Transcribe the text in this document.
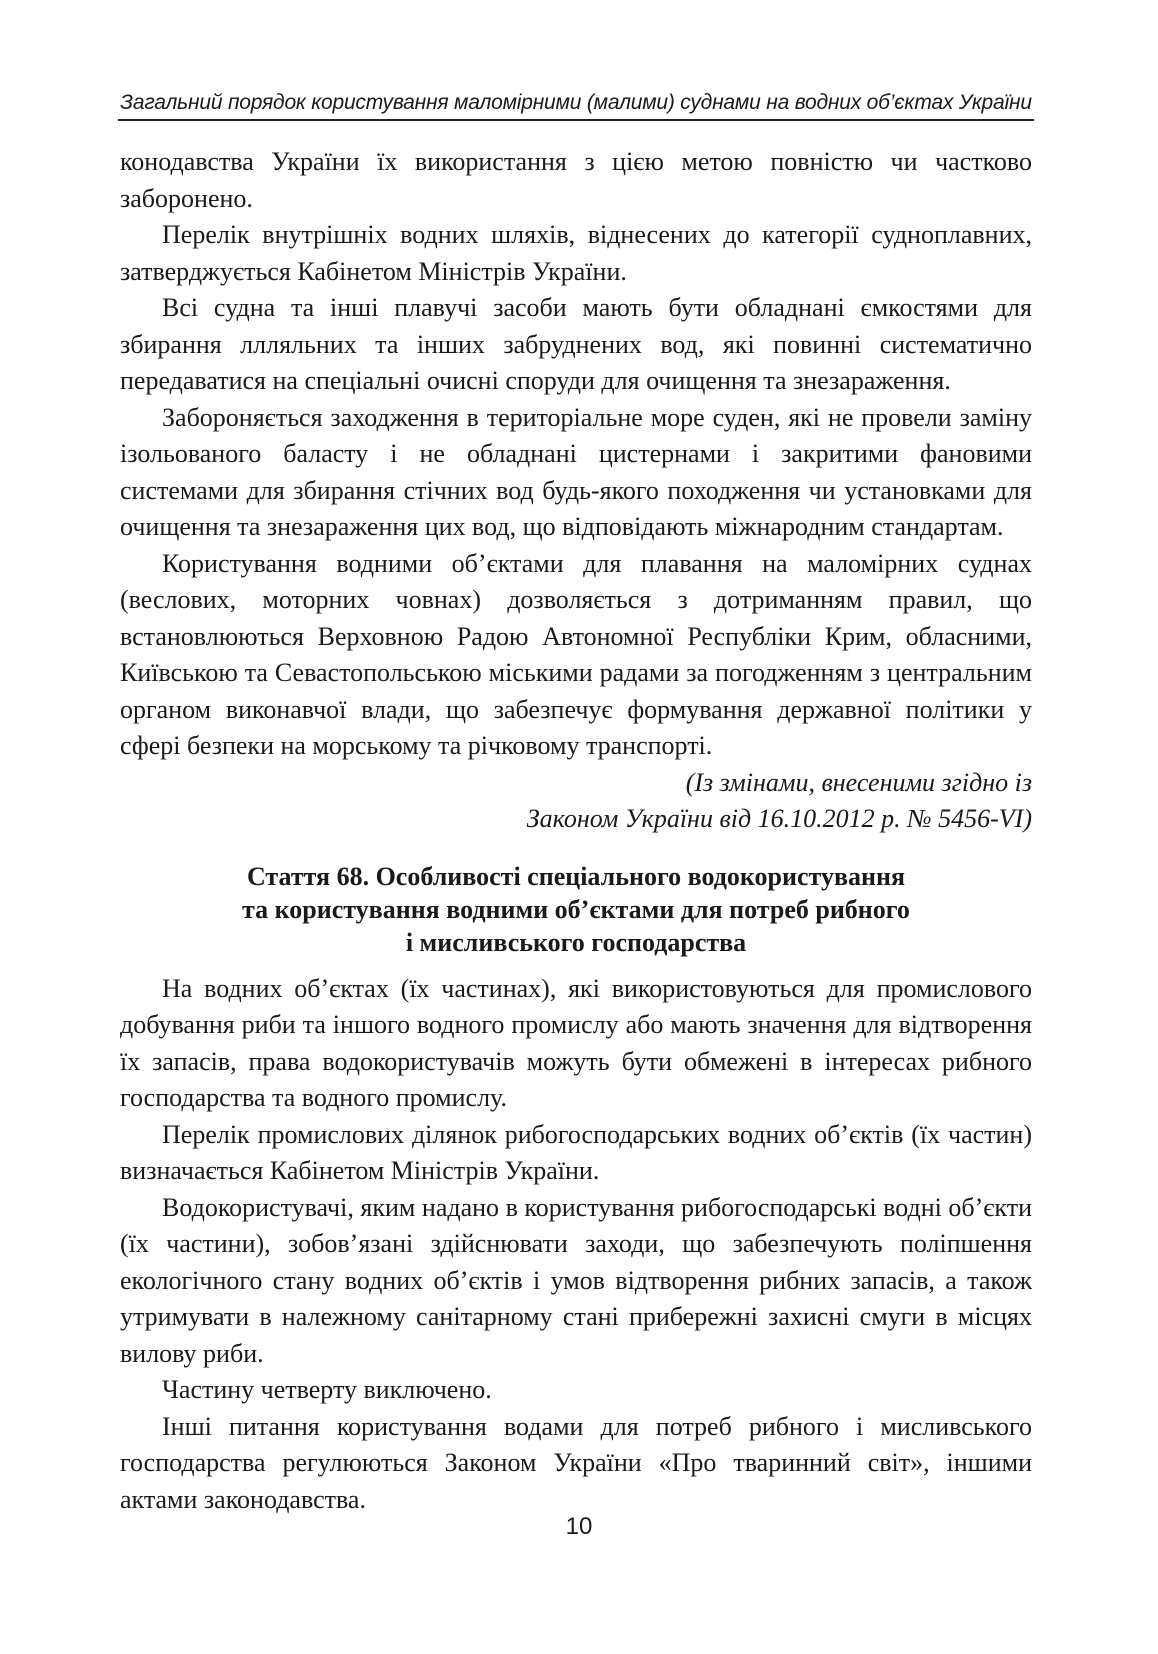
Загальний порядок користування маломірними (малими) суднами на водних об’єктах України

конодавства України їх використання з цією метою повністю чи частково заборонено.

Перелік внутрішніх водних шляхів, віднесених до категорії судноплавних, затверджується Кабінетом Міністрів України.

Всі судна та інші плавучі засоби мають бути обладнані ємкостями для збирання ллляльних та інших забруднених вод, які повинні систематично передаватися на спеціальні очисні споруди для очищення та знезараження.

Забороняється заходження в територіальне море суден, які не провели заміну ізольованого баласту і не обладнані цистернами і закритими фановими системами для збирання стічних вод будь-якого походження чи установками для очищення та знезараження цих вод, що відповідають міжнародним стандартам.

Користування водними об’єктами для плавання на маломірних суднах (веслових, моторних човнах) дозволяється з дотриманням правил, що встановлюються Верховною Радою Автономної Республіки Крим, обласними, Київською та Севастопольською міськими радами за погодженням з центральним органом виконавчої влади, що забезпечує формування державної політики у сфері безпеки на морському та річковому транспорті.

(Із змінами, внесеними згідно із
Законом України від 16.10.2012 р. № 5456-VI)
Стаття 68. Особливості спеціального водокористування
та користування водними об’єктами для потреб рибного
і мисливського господарства

На водних об’єктах (їх частинах), які використовуються для промислового добування риби та іншого водного промислу або мають значення для відтворення їх запасів, права водокористувачів можуть бути обмежені в інтересах рибного господарства та водного промислу.

Перелік промислових ділянок рибогосподарських водних об’єктів (їх частин) визначається Кабінетом Міністрів України.

Водокористувачі, яким надано в користування рибогосподарські водні об’єкти (їх частини), зобов’язані здійснювати заходи, що забезпечують поліпшення екологічного стану водних об’єктів і умов відтворення рибних запасів, а також утримувати в належному санітарному стані прибережні захисні смуги в місцях вилову риби.

Частину четверту виключено.

Інші питання користування водами для потреб рибного і мисливського господарства регулюються Законом України «Про тваринний світ», іншими актами законодавства.

10
